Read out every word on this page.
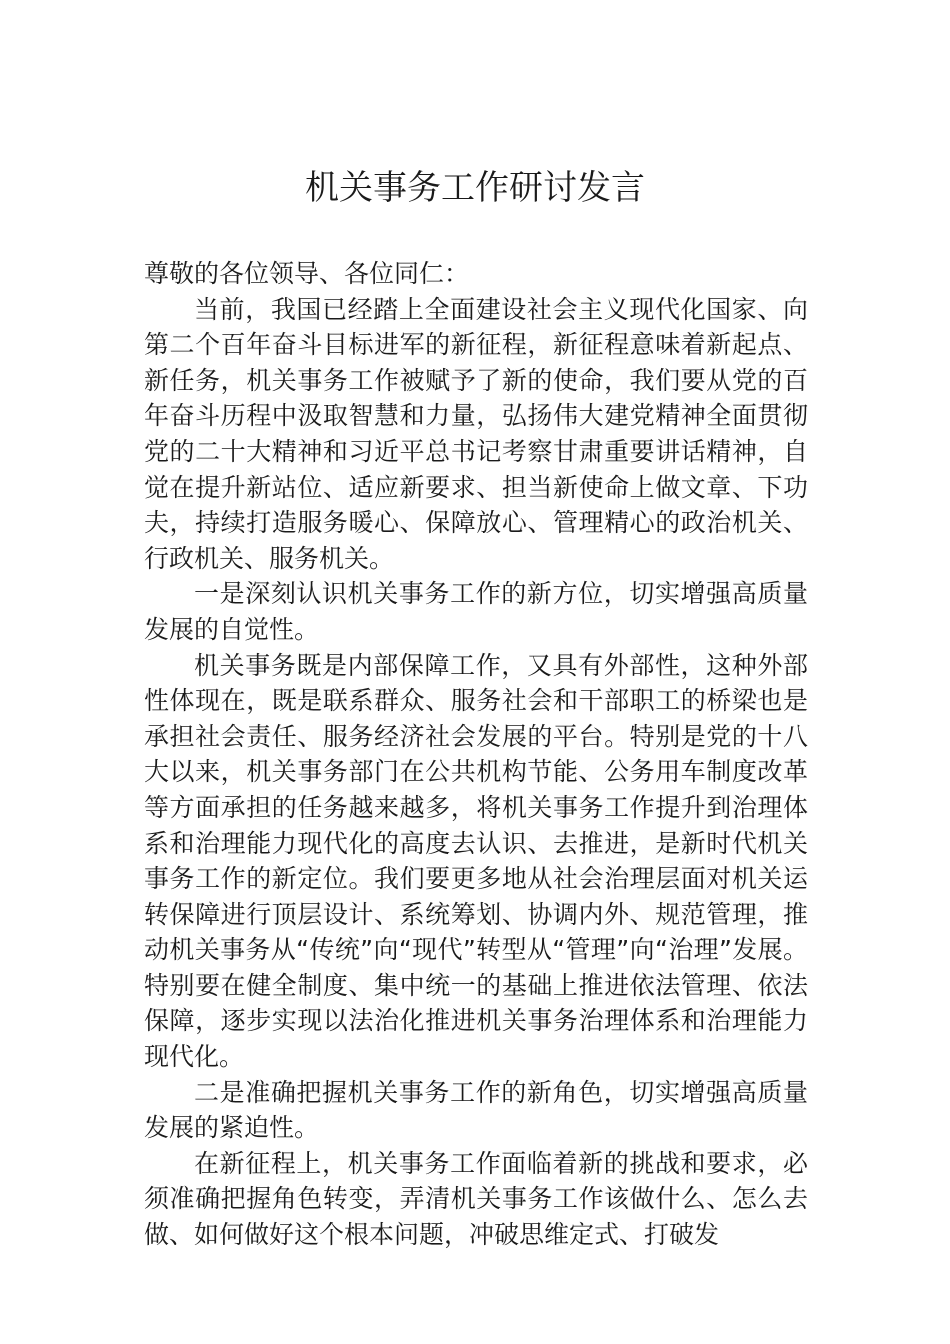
机关事务工作研讨发言

尊敬的各位领导、各位同仁：

当前，我国已经踏上全面建设社会主义现代化国家、向第二个百年奋斗目标进军的新征程，新征程意味着新起点、新任务，机关事务工作被赋予了新的使命，我们要从党的百年奋斗历程中汲取智慧和力量，弘扬伟大建党精神全面贯彻党的二十大精神和习近平总书记考察甘肃重要讲话精神，自觉在提升新站位、适应新要求、担当新使命上做文章、下功夫，持续打造服务暖心、保障放心、管理精心的政治机关、行政机关、服务机关。

一是深刻认识机关事务工作的新方位，切实增强高质量发展的自觉性。

机关事务既是内部保障工作，又具有外部性，这种外部性体现在，既是联系群众、服务社会和干部职工的桥梁也是承担社会责任、服务经济社会发展的平台。特别是党的十八大以来，机关事务部门在公共机构节能、公务用车制度改革等方面承担的任务越来越多，将机关事务工作提升到治理体系和治理能力现代化的高度去认识、去推进，是新时代机关事务工作的新定位。我们要更多地从社会治理层面对机关运转保障进行顶层设计、系统筹划、协调内外、规范管理，推动机关事务从“传统”向“现代”转型从“管理”向“治理”发展。特别要在健全制度、集中统一的基础上推进依法管理、依法保障，逐步实现以法治化推进机关事务治理体系和治理能力现代化。

二是准确把握机关事务工作的新角色，切实增强高质量发展的紧迫性。

在新征程上，机关事务工作面临着新的挑战和要求，必须准确把握角色转变，弄清机关事务工作该做什么、怎么去做、如何做好这个根本问题，冲破思维定式、打破发
